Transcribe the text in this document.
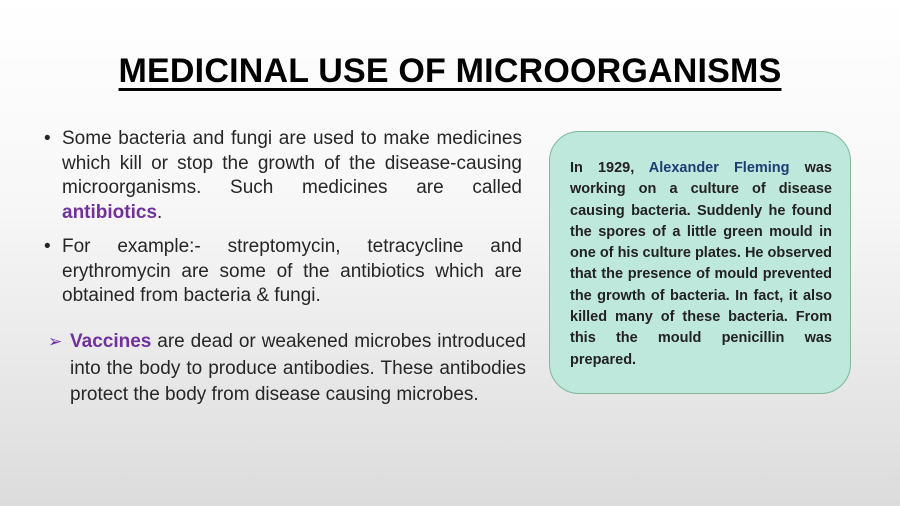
MEDICINAL USE OF MICROORGANISMS
• Some bacteria and fungi are used to make medicines which kill or stop the growth of the disease-causing microorganisms. Such medicines are called antibiotics.
• For example:- streptomycin, tetracycline and erythromycin are some of the antibiotics which are obtained from bacteria & fungi.
➢ Vaccines are dead or weakened microbes introduced into the body to produce antibodies. These antibodies protect the body from disease causing microbes.
In 1929, Alexander Fleming was working on a culture of disease causing bacteria. Suddenly he found the spores of a little green mould in one of his culture plates. He observed that the presence of mould prevented the growth of bacteria. In fact, it also killed many of these bacteria. From this the mould penicillin was prepared.
